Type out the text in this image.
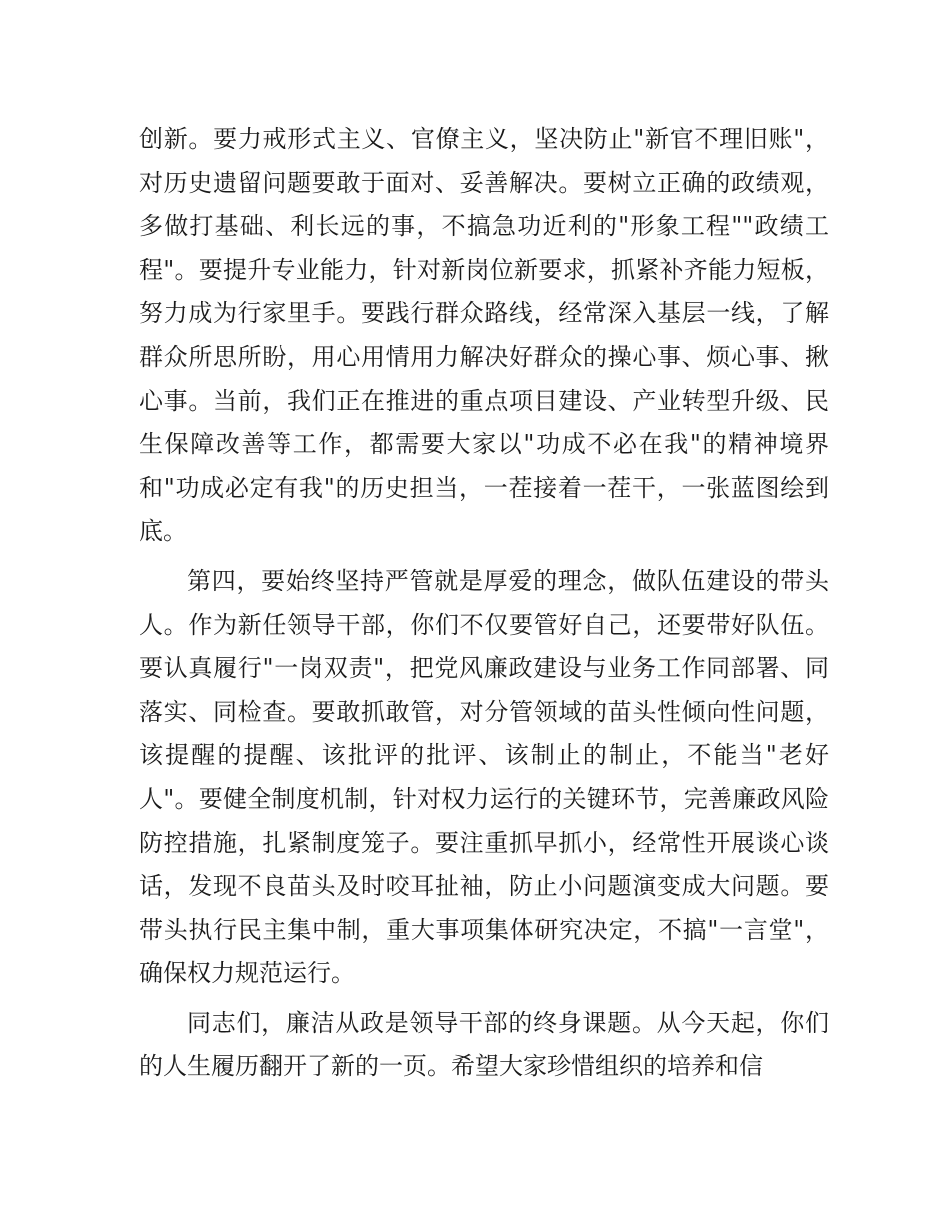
创新。要力戒形式主义、官僚主义，坚决防止"新官不理旧账"，对历史遗留问题要敢于面对、妥善解决。要树立正确的政绩观，多做打基础、利长远的事，不搞急功近利的"形象工程""政绩工程"。要提升专业能力，针对新岗位新要求，抓紧补齐能力短板，努力成为行家里手。要践行群众路线，经常深入基层一线，了解群众所思所盼，用心用情用力解决好群众的操心事、烦心事、揪心事。当前，我们正在推进的重点项目建设、产业转型升级、民生保障改善等工作，都需要大家以"功成不必在我"的精神境界和"功成必定有我"的历史担当，一茬接着一茬干，一张蓝图绘到底。

第四，要始终坚持严管就是厚爱的理念，做队伍建设的带头人。作为新任领导干部，你们不仅要管好自己，还要带好队伍。要认真履行"一岗双责"，把党风廉政建设与业务工作同部署、同落实、同检查。要敢抓敢管，对分管领域的苗头性倾向性问题，该提醒的提醒、该批评的批评、该制止的制止，不能当"老好人"。要健全制度机制，针对权力运行的关键环节，完善廉政风险防控措施，扎紧制度笼子。要注重抓早抓小，经常性开展谈心谈话，发现不良苗头及时咬耳扯袖，防止小问题演变成大问题。要带头执行民主集中制，重大事项集体研究决定，不搞"一言堂"，确保权力规范运行。

同志们，廉洁从政是领导干部的终身课题。从今天起，你们的人生履历翻开了新的一页。希望大家珍惜组织的培养和信
